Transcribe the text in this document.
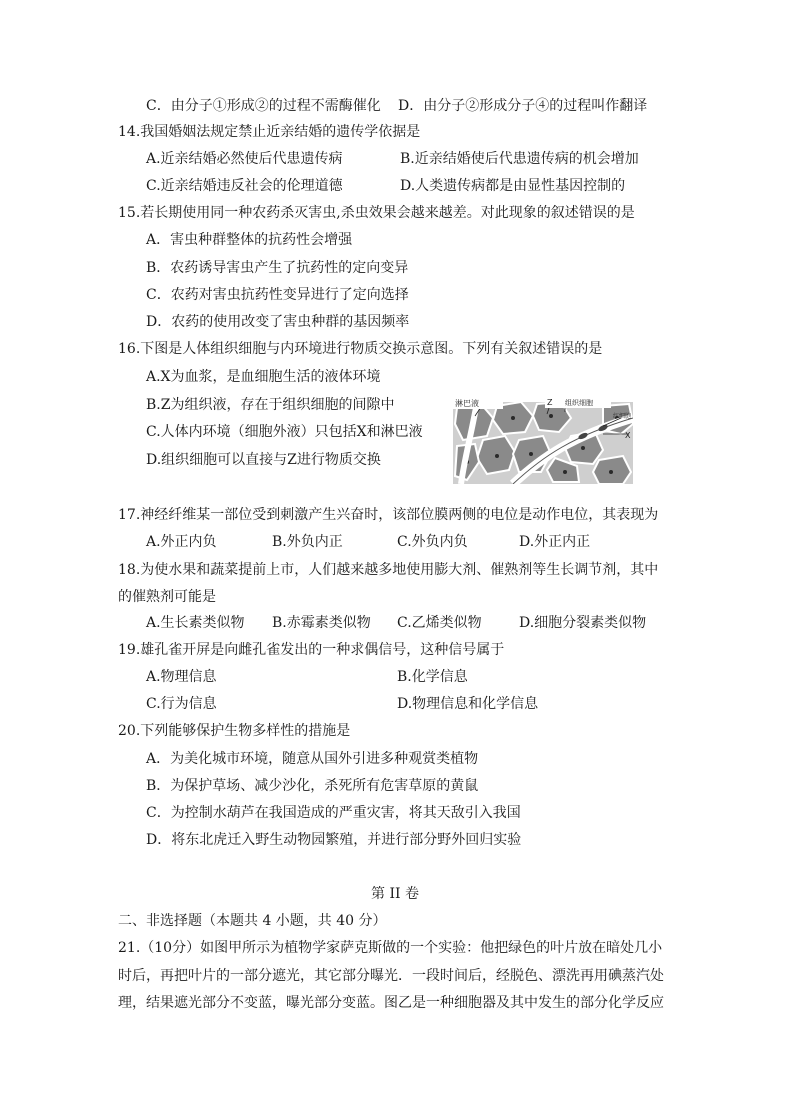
C．由分子①形成②的过程不需酶催化 D．由分子②形成分子④的过程叫作翻译
14.我国婚姻法规定禁止近亲结婚的遗传学依据是
A.近亲结婚必然使后代患遗传病	B.近亲结婚使后代患遗传病的机会增加
C.近亲结婚违反社会的伦理道德	D.人类遗传病都是由显性基因控制的
15.若长期使用同一种农药杀灭害虫,杀虫效果会越来越差。对此现象的叙述错误的是
A．害虫种群整体的抗药性会增强
B．农药诱导害虫产生了抗药性的定向变异
C．农药对害虫抗药性变异进行了定向选择
D．农药的使用改变了害虫种群的基因频率
16.下图是人体组织细胞与内环境进行物质交换示意图。下列有关叙述错误的是
A.X为血浆，是血细胞生活的液体环境
B.Z为组织液，存在于组织细胞的间隙中
C.人体内环境（细胞外液）只包括X和淋巴液
D.组织细胞可以直接与Z进行物质交换
淋巴液	Z 组织细胞
红细胞
X
17.神经纤维某一部位受到刺激产生兴奋时，该部位膜两侧的电位是动作电位，其表现为
A.外正内负	B.外负内正	C.外负内负	D.外正内正
18.为使水果和蔬菜提前上市，人们越来越多地使用膨大剂、催熟剂等生长调节剂，其中
的催熟剂可能是
A.生长素类似物 B.赤霉素类似物 C.乙烯类似物	D.细胞分裂素类似物
19.雄孔雀开屏是向雌孔雀发出的一种求偶信号，这种信号属于
A.物理信息	B.化学信息
C.行为信息	D.物理信息和化学信息
20.下列能够保护生物多样性的措施是
A．为美化城市环境，随意从国外引进多种观赏类植物
B．为保护草场、减少沙化，杀死所有危害草原的黄鼠
C．为控制水葫芦在我国造成的严重灾害，将其天敌引入我国
D．将东北虎迁入野生动物园繁殖，并进行部分野外回归实验
第 II 卷
二、非选择题（本题共 4 小题，共 40 分）
21.（10分）如图甲所示为植物学家萨克斯做的一个实验：他把绿色的叶片放在暗处几小
时后，再把叶片的一部分遮光，其它部分曝光．一段时间后，经脱色、漂洗再用碘蒸汽处
理，结果遮光部分不变蓝，曝光部分变蓝。图乙是一种细胞器及其中发生的部分化学反应
